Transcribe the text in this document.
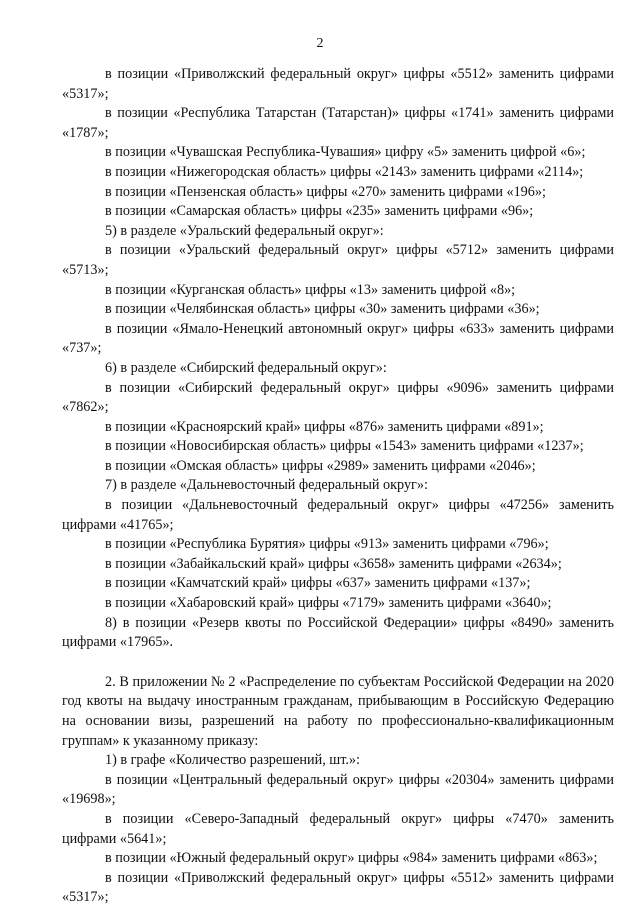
2

в позиции «Приволжский федеральный округ» цифры «5512» заменить цифрами «5317»;

в позиции «Республика Татарстан (Татарстан)» цифры «1741» заменить цифрами «1787»;

в позиции «Чувашская Республика-Чувашия» цифру «5» заменить цифрой «6»;

в позиции «Нижегородская область» цифры «2143» заменить цифрами «2114»;

в позиции «Пензенская область» цифры «270» заменить цифрами «196»;

в позиции «Самарская область» цифры «235» заменить цифрами «96»;

5) в разделе «Уральский федеральный округ»:

в позиции «Уральский федеральный округ» цифры «5712» заменить цифрами «5713»;

в позиции «Курганская область» цифры «13» заменить цифрой «8»;

в позиции «Челябинская область» цифры «30» заменить цифрами «36»;

в позиции «Ямало-Ненецкий автономный округ» цифры «633» заменить цифрами «737»;

6) в разделе «Сибирский федеральный округ»:

в позиции «Сибирский федеральный округ» цифры «9096» заменить цифрами «7862»;

в позиции «Красноярский край» цифры «876» заменить цифрами «891»;

в позиции «Новосибирская область» цифры «1543» заменить цифрами «1237»;

в позиции «Омская область» цифры «2989» заменить цифрами «2046»;

7) в разделе «Дальневосточный федеральный округ»:

в позиции «Дальневосточный федеральный округ» цифры «47256» заменить цифрами «41765»;

в позиции «Республика Бурятия» цифры «913» заменить цифрами «796»;

в позиции «Забайкальский край» цифры «3658» заменить цифрами «2634»;

в позиции «Камчатский край» цифры «637» заменить цифрами «137»;

в позиции «Хабаровский край» цифры «7179» заменить цифрами «3640»;

8) в позиции «Резерв квоты по Российской Федерации» цифры «8490» заменить цифрами «17965».

2. В приложении № 2 «Распределение по субъектам Российской Федерации на 2020 год квоты на выдачу иностранным гражданам, прибывающим в Российскую Федерацию на основании визы, разрешений на работу по профессионально-квалификационным группам» к указанному приказу:

1) в графе «Количество разрешений, шт.»:

в позиции «Центральный федеральный округ» цифры «20304» заменить цифрами «19698»;

в позиции «Северо-Западный федеральный округ» цифры «7470» заменить цифрами «5641»;

в позиции «Южный федеральный округ» цифры «984» заменить цифрами «863»;

в позиции «Приволжский федеральный округ» цифры «5512» заменить цифрами «5317»;
